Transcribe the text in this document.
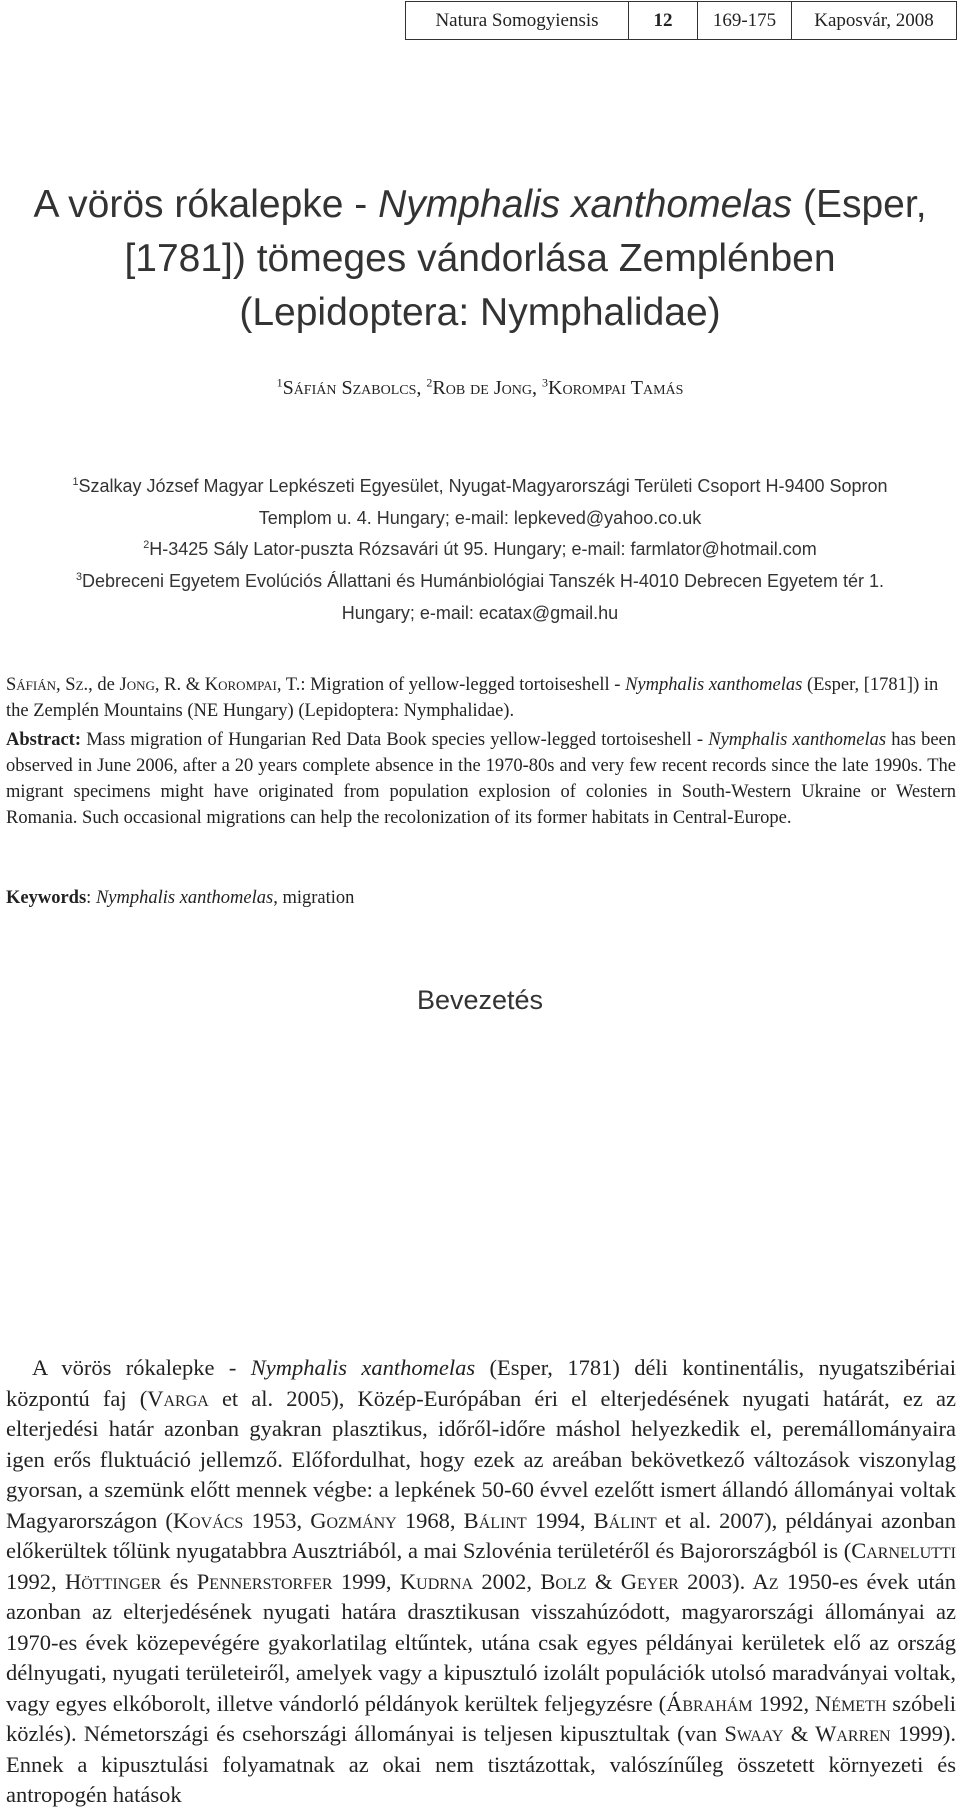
Natura Somogyiensis	12	169-175	Kaposvár, 2008
A vörös rókalepke - Nymphalis xanthomelas (Esper,
[1781]) tömeges vándorlása Zemplénben
(Lepidoptera: Nymphalidae)
$^1$Sáfián Szabolcs, $^2$Rob de Jong, $^3$Korompai Tamás
$^1$Szalkay József Magyar Lepkészeti Egyesület, Nyugat-Magyarországi Területi Csoport H-9400 Sopron
Templom u. 4. Hungary; e-mail: lepkeved@yahoo.co.uk
$^2$H-3425 Sály Lator-puszta Rózsavári út 95. Hungary; e-mail: farmlator@hotmail.com
$^3$Debreceni Egyetem Evolúciós Állattani és Humánbiológiai Tanszék H-4010 Debrecen Egyetem tér 1.
Hungary; e-mail: ecatax@gmail.hu
Sáfián, Sz., de Jong, R. & Korompai, T.: Migration of yellow-legged tortoiseshell - Nymphalis xanthomelas (Esper, [1781]) in the Zemplén Mountains (NE Hungary) (Lepidoptera: Nymphalidae).
Abstract: Mass migration of Hungarian Red Data Book species yellow-legged tortoiseshell - Nymphalis xanthomelas has been observed in June 2006, after a 20 years complete absence in the 1970-80s and very few recent records since the late 1990s. The migrant specimens might have originated from population explosion of colonies in South-Western Ukraine or Western Romania. Such occasional migrations can help the recolonization of its former habitats in Central-Europe.
Keywords: Nymphalis xanthomelas, migration
Bevezetés
A vörös rókalepke - Nymphalis xanthomelas (Esper, 1781) déli kontinentális, nyugatszibériai központú faj (Varga et al. 2005), Közép-Európában éri el elterjedésének nyugati határát, ez az elterjedési határ azonban gyakran plasztikus, időről-időre máshol helyezkedik el, peremállományaira igen erős fluktuáció jellemző. Előfordulhat, hogy ezek az areában bekövetkező változások viszonylag gyorsan, a szemünk előtt mennek végbe: a lepkének 50-60 évvel ezelőtt ismert állandó állományai voltak Magyarországon (Kovács 1953, Gozmány 1968, Bálint 1994, Bálint et al. 2007), példányai azonban előkerültek tőlünk nyugatabbra Ausztriából, a mai Szlovénia területéről és Bajorországból is (Carnelutti 1992, Höttinger és Pennerstorfer 1999, Kudrna 2002, Bolz & Geyer 2003). Az 1950-es évek után azonban az elterjedésének nyugati határa drasztikusan visszahúzódott, magyarországi állományai az 1970-es évek közepevégére gyakorlatilag eltűntek, utána csak egyes példányai kerületek elő az ország délnyugati, nyugati területeiről, amelyek vagy a kipusztuló izolált populációk utolsó maradványai voltak, vagy egyes elkóborolt, illetve vándorló példányok kerültek feljegyzésre (Ábrahám 1992, Németh szóbeli közlés). Németországi és csehországi állományai is teljesen kipusztultak (van Swaay & Warren 1999). Ennek a kipusztulási folyamatnak az okai nem tisztázottak, valószínűleg összetett környezeti és antropogén hatások
